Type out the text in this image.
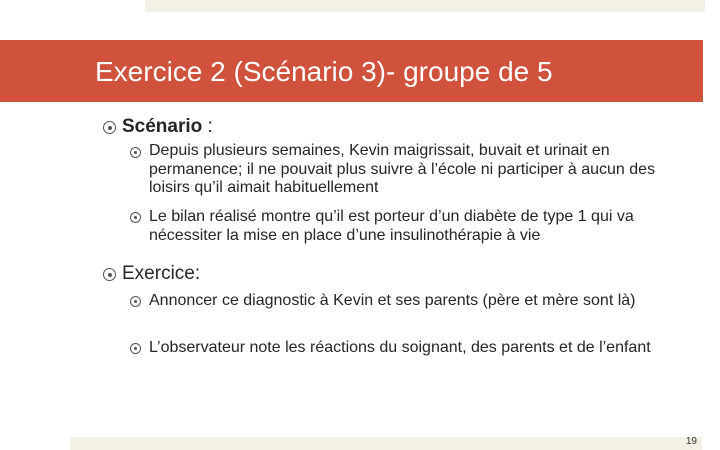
Exercice 2 (Scénario 3)- groupe de 5
Scénario :
Depuis plusieurs semaines, Kevin maigrissait, buvait et urinait en permanence; il ne pouvait plus suivre à l’école ni participer à aucun des loisirs qu’il aimait habituellement
Le bilan réalisé montre qu’il est porteur d’un diabète de type 1 qui va nécessiter la mise en place d’une insulinothérapie à vie
Exercice:
Annoncer ce diagnostic à Kevin et ses parents (père et mère sont là)
L’observateur note les réactions du soignant, des parents et de l’enfant
19
